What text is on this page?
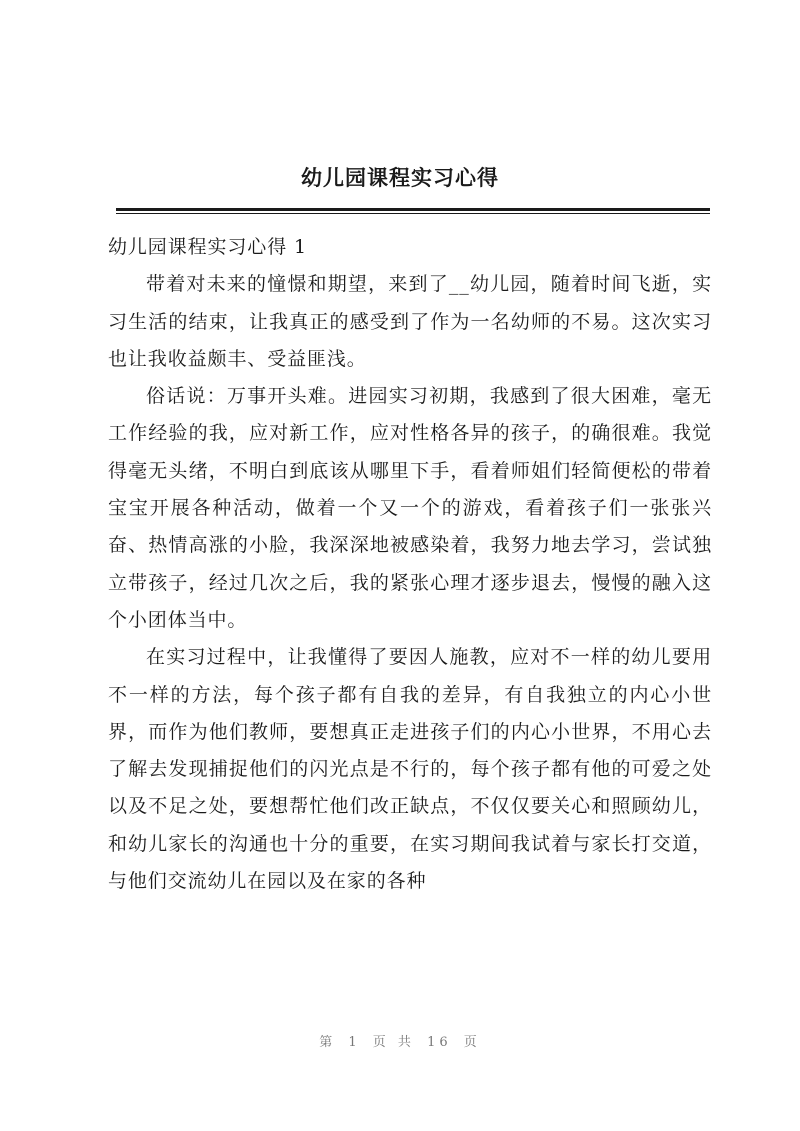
幼儿园课程实习心得

幼儿园课程实习心得 1

带着对未来的憧憬和期望，来到了__幼儿园，随着时间飞逝，实习生活的结束，让我真正的感受到了作为一名幼师的不易。这次实习也让我收益颇丰、受益匪浅。

俗话说：万事开头难。进园实习初期，我感到了很大困难，毫无工作经验的我，应对新工作，应对性格各异的孩子，的确很难。我觉得毫无头绪，不明白到底该从哪里下手，看着师姐们轻简便松的带着宝宝开展各种活动，做着一个又一个的游戏，看着孩子们一张张兴奋、热情高涨的小脸，我深深地被感染着，我努力地去学习，尝试独立带孩子，经过几次之后，我的紧张心理才逐步退去，慢慢的融入这个小团体当中。

在实习过程中，让我懂得了要因人施教，应对不一样的幼儿要用不一样的方法，每个孩子都有自我的差异，有自我独立的内心小世界，而作为他们教师，要想真正走进孩子们的内心小世界，不用心去了解去发现捕捉他们的闪光点是不行的，每个孩子都有他的可爱之处以及不足之处，要想帮忙他们改正缺点，不仅仅要关心和照顾幼儿，和幼儿家长的沟通也十分的重要，在实习期间我试着与家长打交道，与他们交流幼儿在园以及在家的各种

第 1 页 共 16 页
